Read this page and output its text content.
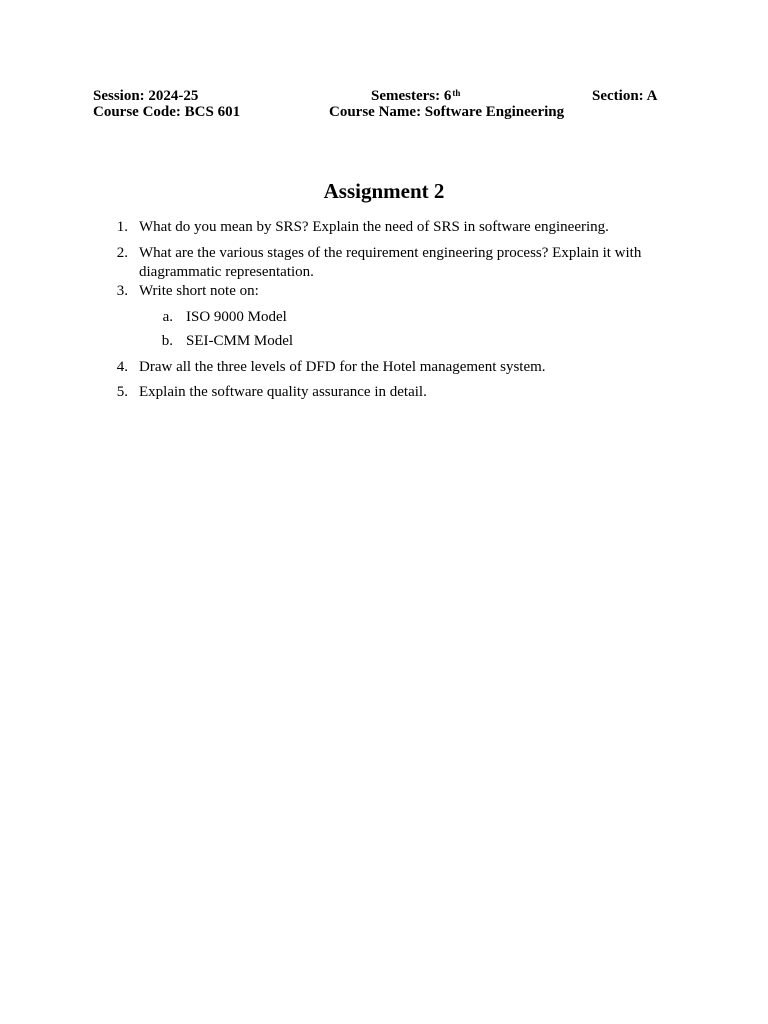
Session: 2024-25	Semesters: 6th	Section: A
Course Code: BCS 601	Course Name: Software Engineering
Assignment 2
1. What do you mean by SRS? Explain the need of SRS in software engineering.
2. What are the various stages of the requirement engineering process? Explain it with
diagrammatic representation.
3. Write short note on:
a. ISO 9000 Model
b. SEI-CMM Model
4. Draw all the three levels of DFD for the Hotel management system.
5. Explain the software quality assurance in detail.
